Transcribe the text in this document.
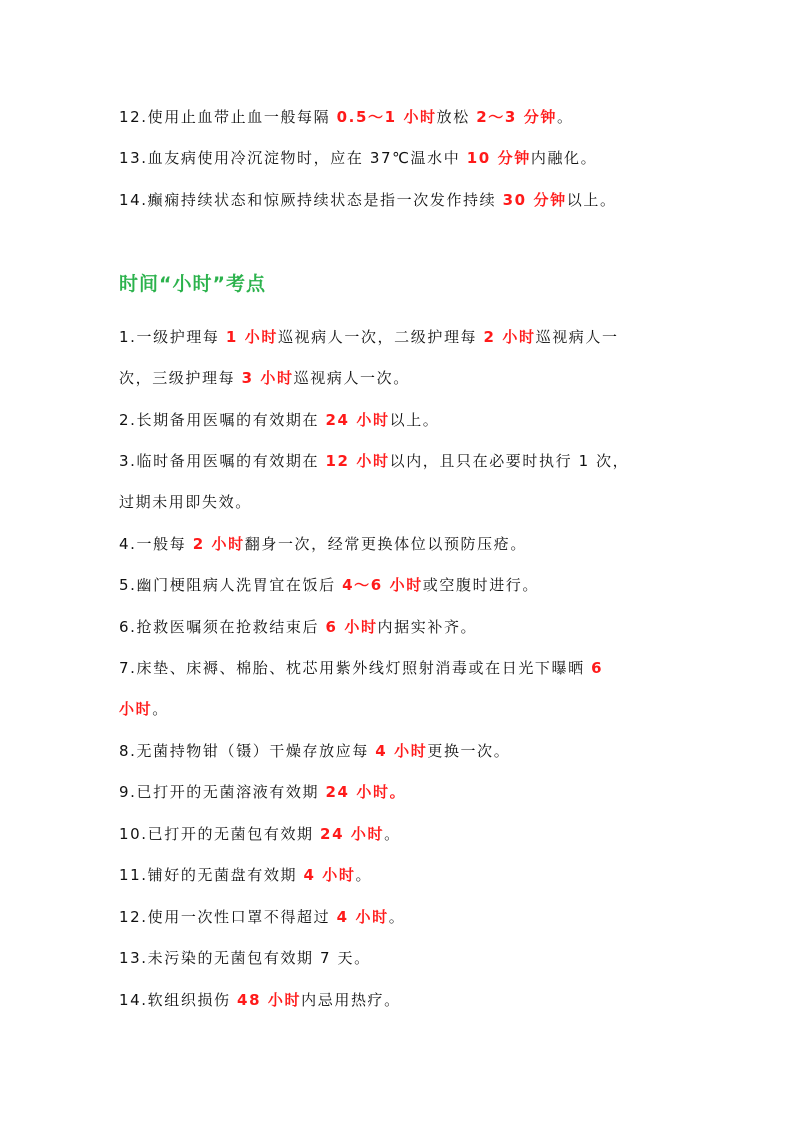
12.使用止血带止血一般每隔 0.5～1 小时放松 2～3 分钟。
13.血友病使用冷沉淀物时，应在 37℃温水中 10 分钟内融化。
14.癫痫持续状态和惊厥持续状态是指一次发作持续 30 分钟以上。
时间“小时”考点
1.一级护理每 1 小时巡视病人一次，二级护理每 2 小时巡视病人一
次，三级护理每 3 小时巡视病人一次。
2.长期备用医嘱的有效期在 24 小时以上。
3.临时备用医嘱的有效期在 12 小时以内，且只在必要时执行 1 次，
过期未用即失效。
4.一般每 2 小时翻身一次，经常更换体位以预防压疮。
5.幽门梗阻病人洗胃宜在饭后 4～6 小时或空腹时进行。
6.抢救医嘱须在抢救结束后 6 小时内据实补齐。
7.床垫、床褥、棉胎、枕芯用紫外线灯照射消毒或在日光下曝晒 6
小时。
8.无菌持物钳（镊）干燥存放应每 4 小时更换一次。
9.已打开的无菌溶液有效期 24 小时。
10.已打开的无菌包有效期 24 小时。
11.铺好的无菌盘有效期 4 小时。
12.使用一次性口罩不得超过 4 小时。
13.未污染的无菌包有效期 7 天。
14.软组织损伤 48 小时内忌用热疗。
